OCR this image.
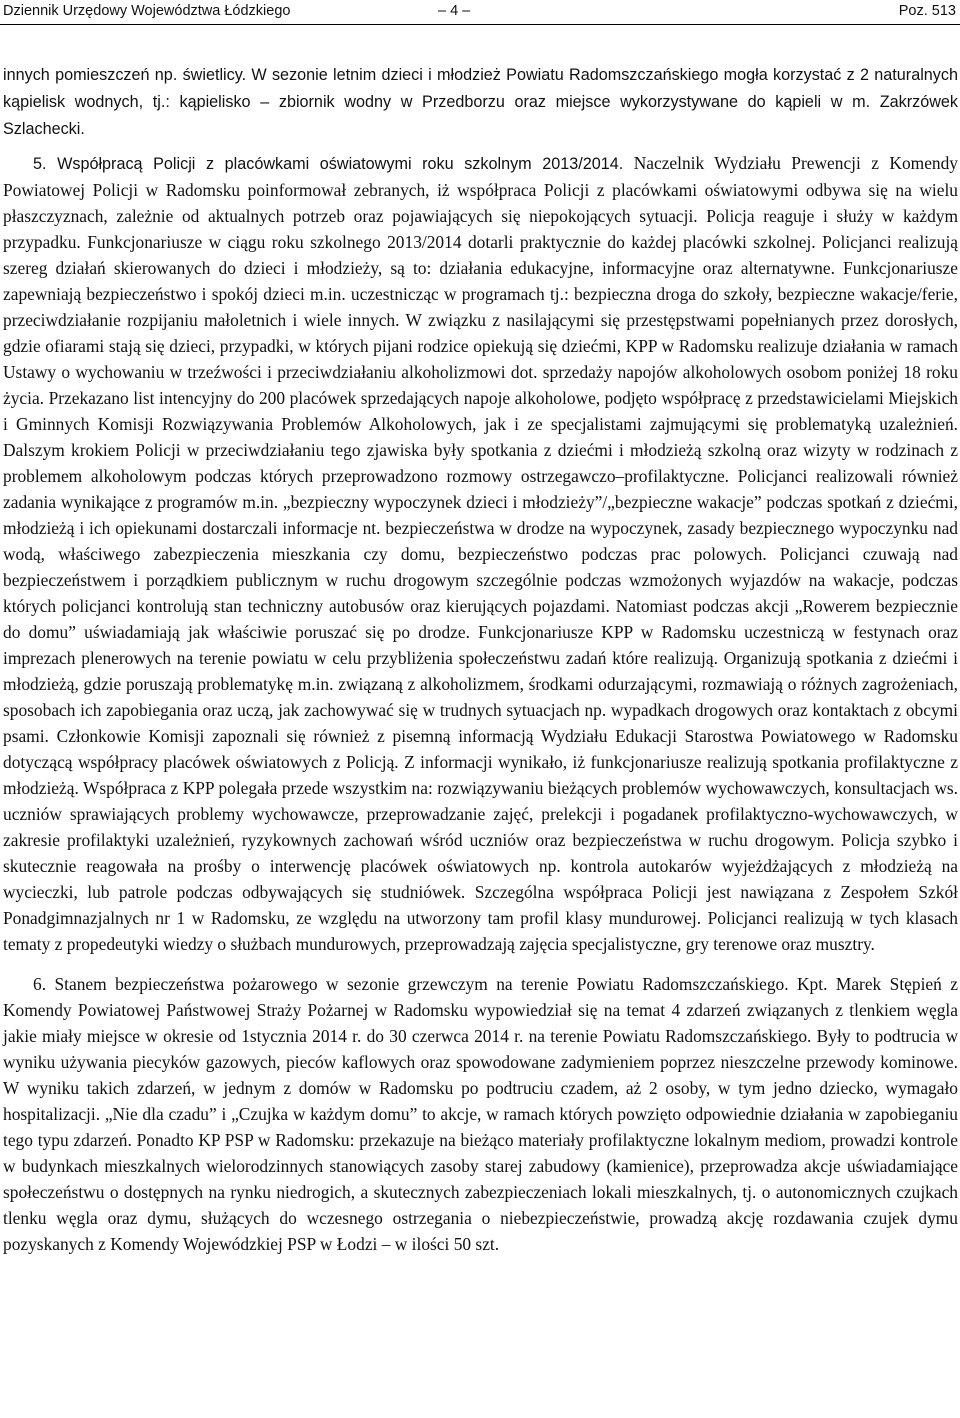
Dziennik Urzędowy Województwa Łódzkiego	– 4 –	Poz. 513

innych pomieszczeń np. świetlicy. W sezonie letnim dzieci i młodzież Powiatu Radomszczańskiego mogła korzystać z 2 naturalnych kąpielisk wodnych, tj.: kąpielisko – zbiornik wodny w Przedborzu oraz miejsce wykorzystywane do kąpieli w m. Zakrzówek Szlachecki.

5. Współpracą Policji z placówkami oświatowymi roku szkolnym 2013/2014. Naczelnik Wydziału Prewencji z Komendy Powiatowej Policji w Radomsku poinformował zebranych, iż współpraca Policji z placówkami oświatowymi odbywa się na wielu płaszczyznach, zależnie od aktualnych potrzeb oraz pojawiających się niepokojących sytuacji. Policja reaguje i służy w każdym przypadku. Funkcjonariusze w ciągu roku szkolnego 2013/2014 dotarli praktycznie do każdej placówki szkolnej. Policjanci realizują szereg działań skierowanych do dzieci i młodzieży, są to: działania edukacyjne, informacyjne oraz alternatywne. Funkcjonariusze zapewniają bezpieczeństwo i spokój dzieci m.in. uczestnicząc w programach tj.: bezpieczna droga do szkoły, bezpieczne wakacje/ferie, przeciwdziałanie rozpijaniu małoletnich i wiele innych. W związku z nasilającymi się przestępstwami popełnianych przez dorosłych, gdzie ofiarami stają się dzieci, przypadki, w których pijani rodzice opiekują się dziećmi, KPP w Radomsku realizuje działania w ramach Ustawy o wychowaniu w trzeźwości i przeciwdziałaniu alkoholizmowi dot. sprzedaży napojów alkoholowych osobom poniżej 18 roku życia. Przekazano list intencyjny do 200 placówek sprzedających napoje alkoholowe, podjęto współpracę z przedstawicielami Miejskich i Gminnych Komisji Rozwiązywania Problemów Alkoholowych, jak i ze specjalistami zajmującymi się problematyką uzależnień. Dalszym krokiem Policji w przeciwdziałaniu tego zjawiska były spotkania z dziećmi i młodzieżą szkolną oraz wizyty w rodzinach z problemem alkoholowym podczas których przeprowadzono rozmowy ostrzegawczo–profilaktyczne. Policjanci realizowali również zadania wynikające z programów m.in. „bezpieczny wypoczynek dzieci i młodzieży”/„bezpieczne wakacje” podczas spotkań z dziećmi, młodzieżą i ich opiekunami dostarczali informacje nt. bezpieczeństwa w drodze na wypoczynek, zasady bezpiecznego wypoczynku nad wodą, właściwego zabezpieczenia mieszkania czy domu, bezpieczeństwo podczas prac polowych. Policjanci czuwają nad bezpieczeństwem i porządkiem publicznym w ruchu drogowym szczególnie podczas wzmożonych wyjazdów na wakacje, podczas których policjanci kontrolują stan techniczny autobusów oraz kierujących pojazdami. Natomiast podczas akcji „Rowerem bezpiecznie do domu” uświadamiają jak właściwie poruszać się po drodze. Funkcjonariusze KPP w Radomsku uczestniczą w festynach oraz imprezach plenerowych na terenie powiatu w celu przybliżenia społeczeństwu zadań które realizują. Organizują spotkania z dziećmi i młodzieżą, gdzie poruszają problematykę m.in. związaną z alkoholizmem, środkami odurzającymi, rozmawiają o różnych zagrożeniach, sposobach ich zapobiegania oraz uczą, jak zachowywać się w trudnych sytuacjach np. wypadkach drogowych oraz kontaktach z obcymi psami. Członkowie Komisji zapoznali się również z pisemną informacją Wydziału Edukacji Starostwa Powiatowego w Radomsku dotyczącą współpracy placówek oświatowych z Policją. Z informacji wynikało, iż funkcjonariusze realizują spotkania profilaktyczne z młodzieżą. Współpraca z KPP polegała przede wszystkim na: rozwiązywaniu bieżących problemów wychowawczych, konsultacjach ws. uczniów sprawiających problemy wychowawcze, przeprowadzanie zajęć, prelekcji i pogadanek profilaktyczno-wychowawczych, w zakresie profilaktyki uzależnień, ryzykownych zachowań wśród uczniów oraz bezpieczeństwa w ruchu drogowym. Policja szybko i skutecznie reagowała na prośby o interwencję placówek oświatowych np. kontrola autokarów wyjeżdżających z młodzieżą na wycieczki, lub patrole podczas odbywających się studniówek. Szczególna współpraca Policji jest nawiązana z Zespołem Szkół Ponadgimnazjalnych nr 1 w Radomsku, ze względu na utworzony tam profil klasy mundurowej. Policjanci realizują w tych klasach tematy z propedeutyki wiedzy o służbach mundurowych, przeprowadzają zajęcia specjalistyczne, gry terenowe oraz musztry.

6. Stanem bezpieczeństwa pożarowego w sezonie grzewczym na terenie Powiatu Radomszczańskiego. Kpt. Marek Stępień z Komendy Powiatowej Państwowej Straży Pożarnej w Radomsku wypowiedział się na temat 4 zdarzeń związanych z tlenkiem węgla jakie miały miejsce w okresie od 1stycznia 2014 r. do 30 czerwca 2014 r. na terenie Powiatu Radomszczańskiego. Były to podtrucia w wyniku używania piecyków gazowych, pieców kaflowych oraz spowodowane zadymieniem poprzez nieszczelne przewody kominowe. W wyniku takich zdarzeń, w jednym z domów w Radomsku po podtruciu czadem, aż 2 osoby, w tym jedno dziecko, wymagało hospitalizacji. „Nie dla czadu” i „Czujka w każdym domu” to akcje, w ramach których powzięto odpowiednie działania w zapobieganiu tego typu zdarzeń. Ponadto KP PSP w Radomsku: przekazuje na bieżąco materiały profilaktyczne lokalnym mediom, prowadzi kontrole w budynkach mieszkalnych wielorodzinnych stanowiących zasoby starej zabudowy (kamienice), przeprowadza akcje uświadamiające społeczeństwu o dostępnych na rynku niedrogich, a skutecznych zabezpieczeniach lokali mieszkalnych, tj. o autonomicznych czujkach tlenku węgla oraz dymu, służących do wczesnego ostrzegania o niebezpieczeństwie, prowadzą akcję rozdawania czujek dymu pozyskanych z Komendy Wojewódzkiej PSP w Łodzi – w ilości 50 szt.
